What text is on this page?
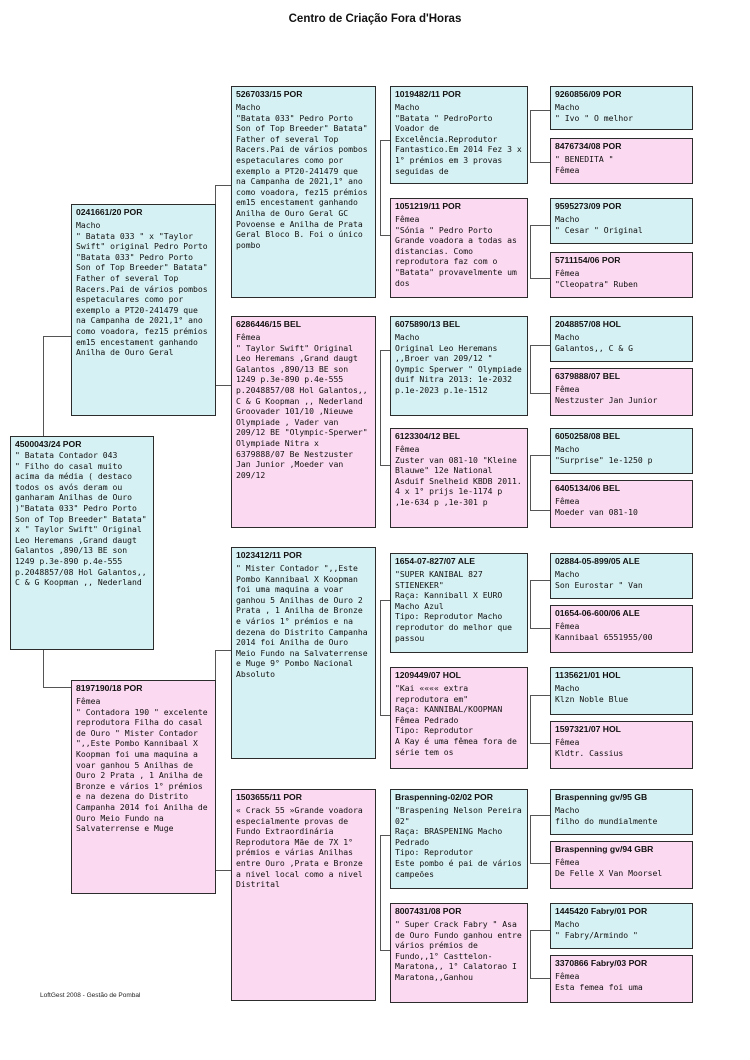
Centro de Criação Fora d'Horas
4500043/24 POR
" Batata Contador 043
" Filho do casal muito acima da média ( destaco todos os avós deram ou ganharam Anilhas de Ouro )"Batata 033" Pedro Porto Son of Top Breeder" Batata" x " Taylor Swift" Original Leo Heremans ,Grand daugt Galantos ,890/13 BE son 1249 p.3e-890 p.4e-555 p.2048857/08 Hol Galantos,, C & G Koopman ,, Nederland
0241661/20 POR
Macho
" Batata 033 " x "Taylor Swift" original Pedro Porto "Batata 033" Pedro Porto Son of Top Breeder" Batata" Father of several Top Racers.Pai de vários pombos espetaculares como por exemplo a PT20-241479 que na Campanha de 2021,1° ano como voadora, fez15 prémios em15 encestament ganhando Anilha de Ouro Geral
8197190/18 POR
Fêmea
" Contadora 190 " excelente reprodutora Filha do casal de Ouro " Mister Contador ",,Este Pombo Kannibaal X Koopman foi uma maquina a voar ganhou 5 Anilhas de Ouro 2 Prata , 1 Anilha de Bronze e vários 1° prémios e na dezena do Distrito Campanha 2014 foi Anilha de Ouro Meio Fundo na Salvaterrense e Muge
5267033/15 POR
Macho
"Batata 033" Pedro Porto Son of Top Breeder" Batata" Father of several Top Racers.Pai de vários pombos espetaculares como por exemplo a PT20-241479 que na Campanha de 2021,1° ano como voadora, fez15 prémios em15 encestament ganhando Anilha de Ouro Geral GC Povoense e Anilha de Prata Geral Bloco B. Foi o único pombo
6286446/15 BEL
Fêmea
" Taylor Swift" Original Leo Heremans ,Grand daugt Galantos ,890/13 BE son 1249 p.3e-890 p.4e-555 p.2048857/08 Hol Galantos,, C & G Koopman ,, Nederland Groovader 101/10 ,Nieuwe Olympiade , Vader van 209/12 BE "Olympic-Sperwer" Olympiade Nitra x 6379888/07 Be Nestzuster Jan Junior ,Moeder van 209/12
1023412/11 POR
" Mister Contador ",,Este Pombo Kannibaal X Koopman foi uma maquina a voar ganhou 5 Anilhas de Ouro 2 Prata , 1 Anilha de Bronze e vários 1° prémios e na dezena do Distrito Campanha 2014 foi Anilha de Ouro Meio Fundo na Salvaterrense e Muge 9° Pombo Nacional Absoluto
1503655/11 POR
« Crack 55 »Grande voadora especialmente provas de Fundo Extraordinária Reprodutora Mãe de 7X 1° prémios e várias Anilhas entre Ouro ,Prata e Bronze a nivel local como a nivel Distrital
1019482/11 POR
Macho
"Batata " PedroPorto Voador de Excelência.Reprodutor Fantastico.Em 2014 Fez 3 x 1° prémios em 3 provas seguidas de
1051219/11 POR
Fêmea
"Sónia " Pedro Porto Grande voadora a todas as distancias. Como reprodutora faz com o "Batata" provavelmente um dos
6075890/13 BEL
Macho
Original Leo Heremans ,,Broer van 209/12 " Oympic Sperwer " Olympiade duif Nitra 2013: 1e-2032 p.1e-2023 p.1e-1512
6123304/12 BEL
Fêmea
Zuster van 081-10 "Kleine Blauwe" 12e National Asduif Snelheid KBDB 2011. 4 x 1° prijs 1e-1174 p ,1e-634 p ,1e-301 p
1654-07-827/07 ALE
"SUPER KANIBAL 827 STIENEKER"
Raça: Kanniball X EURO Macho Azul
Tipo: Reprodutor Macho reprodutor do melhor que passou
1209449/07 HOL
"Kai «««« extra reprodutora em"
Raça: KANNIBAL/KOOPMAN Fêmea Pedrado
Tipo: Reprodutor
A Kay é uma fêmea fora de série tem os
Braspenning-02/02 POR
"Braspening Nelson Pereira 02"
Raça: BRASPENING Macho Pedrado
Tipo: Reprodutor
Este pombo é pai de vários campeões
8007431/08 POR
" Super Crack Fabry " Asa de Ouro Fundo ganhou entre vários prémios de Fundo,,1° Casttelon-Maratona,, 1° Calatorao I Maratona,,Ganhou
9260856/09 POR
Macho
" Ivo " O melhor
8476734/08 POR
" BENEDITA "
Fêmea
9595273/09 POR
Macho
" Cesar " Original
5711154/06 POR
Fêmea
"Cleopatra" Ruben
2048857/08 HOL
Macho
Galantos,, C & G
6379888/07 BEL
Fêmea
Nestzuster Jan Junior
6050258/08 BEL
Macho
"Surprise" 1e-1250 p
6405134/06 BEL
Fêmea
Moeder van 081-10
02884-05-899/05 ALE
Macho
Son Eurostar " Van
01654-06-600/06 ALE
Fêmea
Kannibaal 6551955/00
1135621/01 HOL
Macho
Klzn Noble Blue
1597321/07 HOL
Fêmea
Kldtr. Cassius
Braspenning gv/95 GB
Macho
filho do mundialmente
Braspenning gv/94 GBR
Fêmea
De Felle X Van Moorsel
1445420 Fabry/01 POR
Macho
" Fabry/Armindo "
3370866 Fabry/03 POR
Fêmea
Esta femea foi uma
LoftGest 2008 - Gestão de Pombal
